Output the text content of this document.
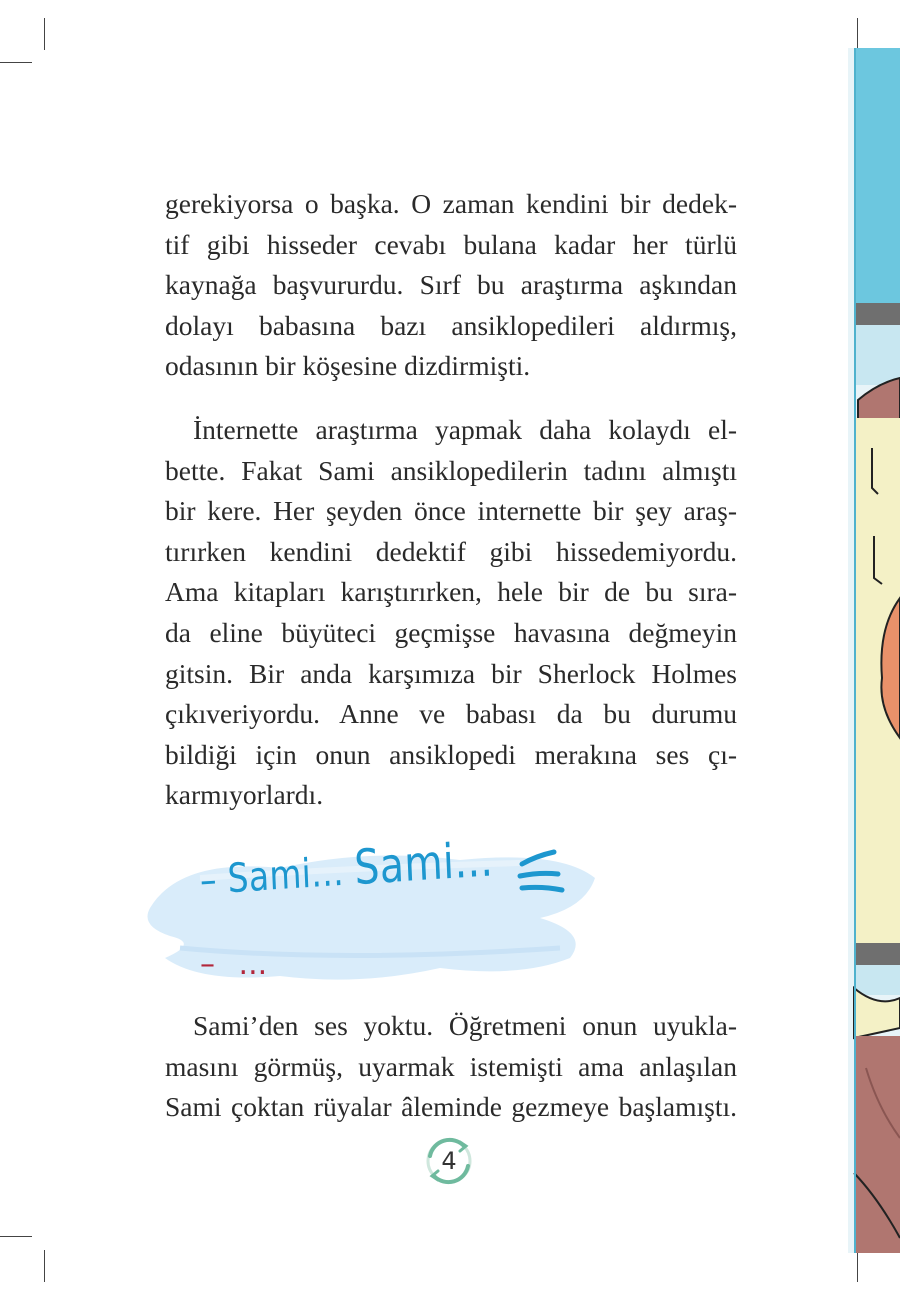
gerekiyorsa o başka. O zaman kendini bir dedek-
tif gibi hisseder cevabı bulana kadar her türlü
kaynağa başvururdu. Sırf bu araştırma aşkından
dolayı babasına bazı ansiklopedileri aldırmış,
odasının bir köşesine dizdirmişti.

İnternette araştırma yapmak daha kolaydı el-
bette. Fakat Sami ansiklopedilerin tadını almıştı
bir kere. Her şeyden önce internette bir şey araş-
tırırken kendini dedektif gibi hissedemiyordu.
Ama kitapları karıştırırken, hele bir de bu sıra-
da eline büyüteci geçmişse havasına değmeyin
gitsin. Bir anda karşımıza bir Sherlock Holmes
çıkıveriyordu. Anne ve babası da bu durumu
bildiği için onun ansiklopedi merakına ses çı-
karmıyorlardı.

– Sami... Sami...
– ...

Sami’den ses yoktu. Öğretmeni onun uyukla-
masını görmüş, uyarmak istemişti ama anlaşılan
Sami çoktan rüyalar âleminde gezmeye başlamıştı.

4
